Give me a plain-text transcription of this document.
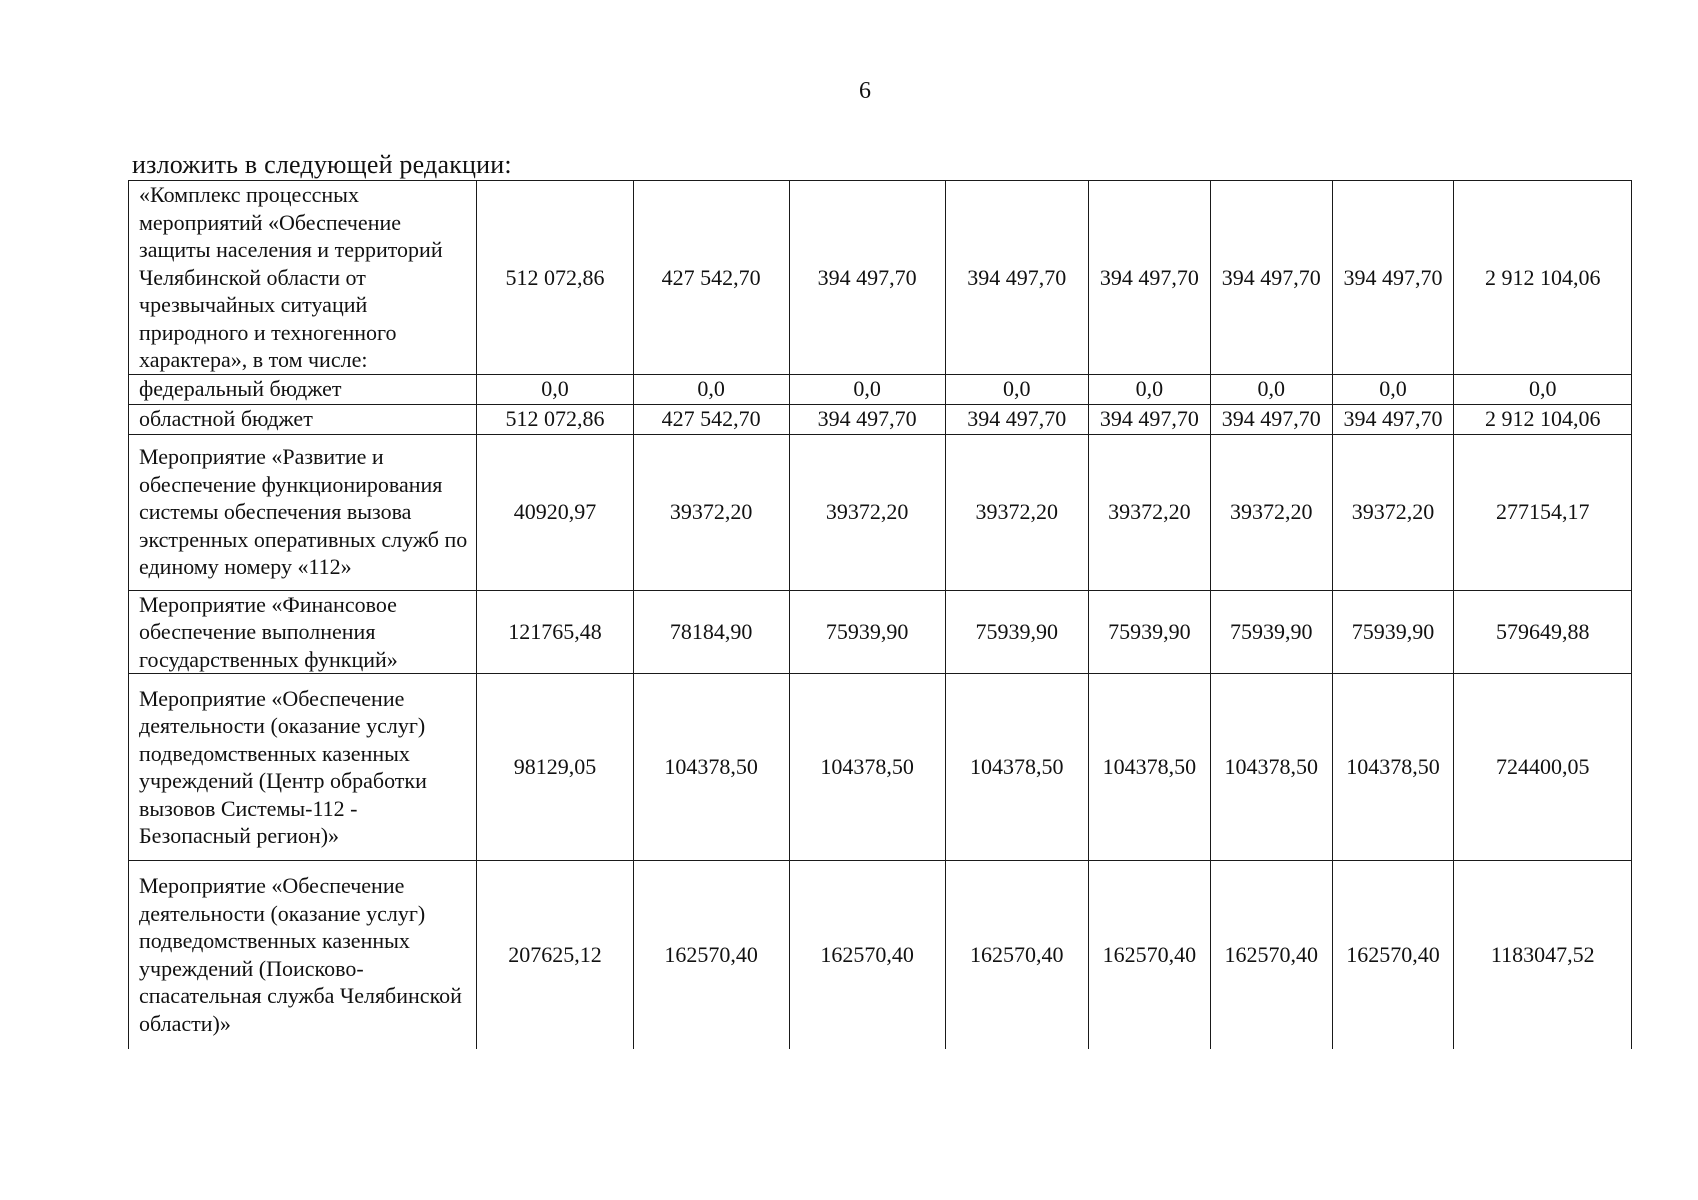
6
изложить в следующей редакции:
«Комплекс процессных мероприятий «Обеспечение защиты населения и территорий Челябинской области от чрезвычайных ситуаций природного и техногенного характера», в том числе:	512 072,86	427 542,70	394 497,70	394 497,70	394 497,70	394 497,70	394 497,70	2 912 104,06
федеральный бюджет	0,0	0,0	0,0	0,0	0,0	0,0	0,0	0,0
областной бюджет	512 072,86	427 542,70	394 497,70	394 497,70	394 497,70	394 497,70	394 497,70	2 912 104,06
Мероприятие «Развитие и обеспечение функционирования системы обеспечения вызова экстренных оперативных служб по единому номеру «112»	40920,97	39372,20	39372,20	39372,20	39372,20	39372,20	39372,20	277154,17
Мероприятие «Финансовое обеспечение выполнения государственных функций»	121765,48	78184,90	75939,90	75939,90	75939,90	75939,90	75939,90	579649,88
Мероприятие «Обеспечение деятельности (оказание услуг) подведомственных казенных учреждений (Центр обработки вызовов Системы-112 - Безопасный регион)»	98129,05	104378,50	104378,50	104378,50	104378,50	104378,50	104378,50	724400,05
Мероприятие «Обеспечение деятельности (оказание услуг) подведомственных казенных учреждений (Поисково-спасательная служба Челябинской области)»	207625,12	162570,40	162570,40	162570,40	162570,40	162570,40	162570,40	1183047,52
